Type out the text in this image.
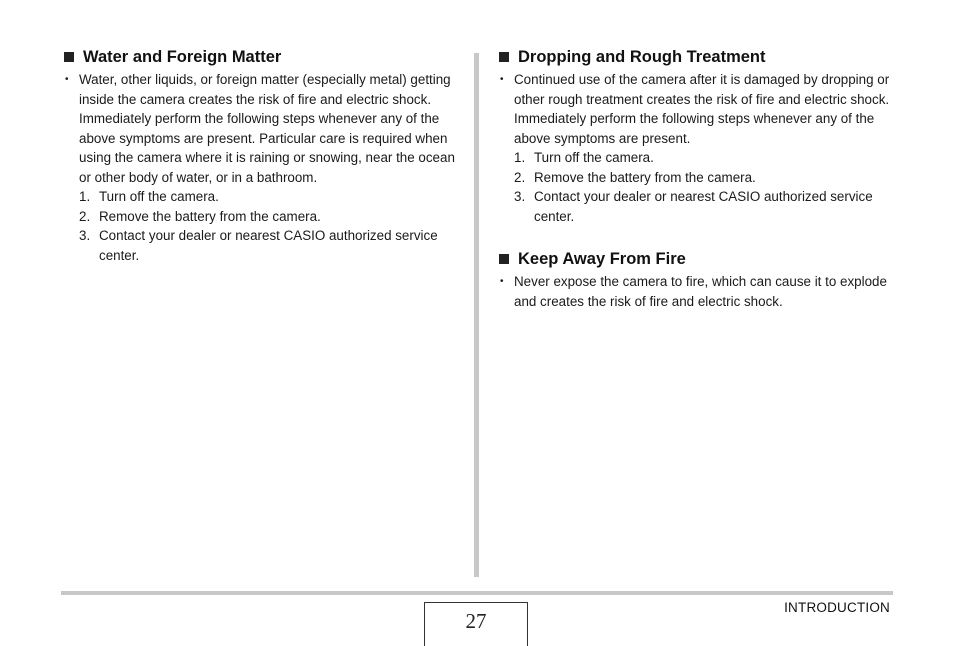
Water and Foreign Matter

• Water, other liquids, or foreign matter (especially metal) getting inside the camera creates the risk of fire and electric shock. Immediately perform the following steps whenever any of the above symptoms are present. Particular care is required when using the camera where it is raining or snowing, near the ocean or other body of water, or in a bathroom.

1. Turn off the camera.
2. Remove the battery from the camera.
3. Contact your dealer or nearest CASIO authorized service center.
Dropping and Rough Treatment

• Continued use of the camera after it is damaged by dropping or other rough treatment creates the risk of fire and electric shock. Immediately perform the following steps whenever any of the above symptoms are present.

1. Turn off the camera.
2. Remove the battery from the camera.
3. Contact your dealer or nearest CASIO authorized service center.
Keep Away From Fire

• Never expose the camera to fire, which can cause it to explode and creates the risk of fire and electric shock.

27
INTRODUCTION
